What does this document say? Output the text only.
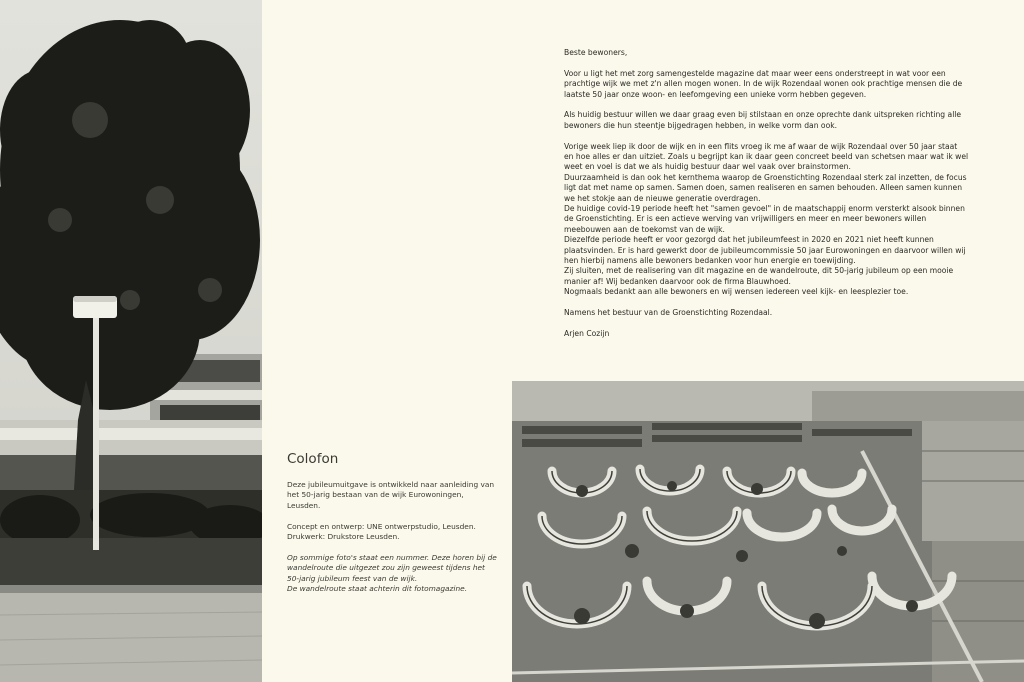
Beste bewoners,

Voor u ligt het met zorg samengestelde magazine dat maar weer eens onderstreept in wat voor een prachtige wijk we met z'n allen mogen wonen. In de wijk Rozendaal wonen ook prachtige mensen die de laatste 50 jaar onze woon- en leefomgeving een unieke vorm hebben gegeven.

Als huidig bestuur willen we daar graag even bij stilstaan en onze oprechte dank uitspreken richting alle bewoners die hun steentje bijgedragen hebben, in welke vorm dan ook.

Vorige week liep ik door de wijk en in een flits vroeg ik me af waar de wijk Rozendaal over 50 jaar staat en hoe alles er dan uitziet. Zoals u begrijpt kan ik daar geen concreet beeld van schetsen maar wat ik wel weet en voel is dat we als huidig bestuur daar wel vaak over brainstormen.

Duurzaamheid is dan ook het kernthema waarop de Groenstichting Rozendaal sterk zal inzetten, de focus ligt dat met name op samen. Samen doen, samen realiseren en samen behouden. Alleen samen kunnen we het stokje aan de nieuwe generatie overdragen.

De huidige covid-19 periode heeft het "samen gevoel" in de maatschappij enorm versterkt alsook binnen de Groenstichting. Er is een actieve werving van vrijwilligers en meer en meer bewoners willen meebouwen aan de toekomst van de wijk.

Diezelfde periode heeft er voor gezorgd dat het jubileumfeest in 2020 en 2021 niet heeft kunnen plaatsvinden. Er is hard gewerkt door de jubileumcommissie 50 jaar Eurowoningen en daarvoor willen wij hen hierbij namens alle bewoners bedanken voor hun energie en toewijding.

Zij sluiten, met de realisering van dit magazine en de wandelroute, dit 50-jarig jubileum op een mooie manier af! Wij bedanken daarvoor ook de firma Blauwhoed.

Nogmaals bedankt aan alle bewoners en wij wensen iedereen veel kijk- en leesplezier toe.

Namens het bestuur van de Groenstichting Rozendaal.

Arjen Cozijn

Colofon

Deze jubileumuitgave is ontwikkeld naar aanleiding van het 50-jarig bestaan van de wijk Eurowoningen, Leusden.

Concept en ontwerp: UNE ontwerpstudio, Leusden.

Drukwerk: Drukstore Leusden.

Op sommige foto's staat een nummer. Deze horen bij de wandelroute die uitgezet zou zijn geweest tijdens het 50-jarig jubileum feest van de wijk.

De wandelroute staat achterin dit fotomagazine.
